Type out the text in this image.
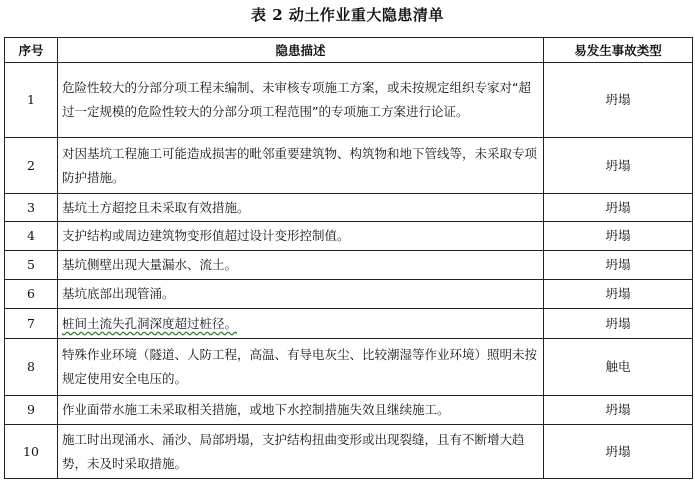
表 2 动土作业重大隐患清单
序号	隐患描述	易发生事故类型
1	危险性较大的分部分项工程未编制、未审核专项施工方案，或未按规定组织专家对“超过一定规模的危险性较大的分部分项工程范围”的专项施工方案进行论证。	坍塌
2	对因基坑工程施工可能造成损害的毗邻重要建筑物、构筑物和地下管线等，未采取专项防护措施。	坍塌
3	基坑土方超挖且未采取有效措施。	坍塌
4	支护结构或周边建筑物变形值超过设计变形控制值。	坍塌
5	基坑侧壁出现大量漏水、流土。	坍塌
6	基坑底部出现管涌。	坍塌
7	桩间土流失孔洞深度超过桩径。	坍塌
8	特殊作业环境（隧道、人防工程，高温、有导电灰尘、比较潮湿等作业环境）照明未按规定使用安全电压的。	触电
9	作业面带水施工未采取相关措施，或地下水控制措施失效且继续施工。	坍塌
10	施工时出现涌水、涌沙、局部坍塌，支护结构扭曲变形或出现裂缝，且有不断增大趋势，未及时采取措施。	坍塌
